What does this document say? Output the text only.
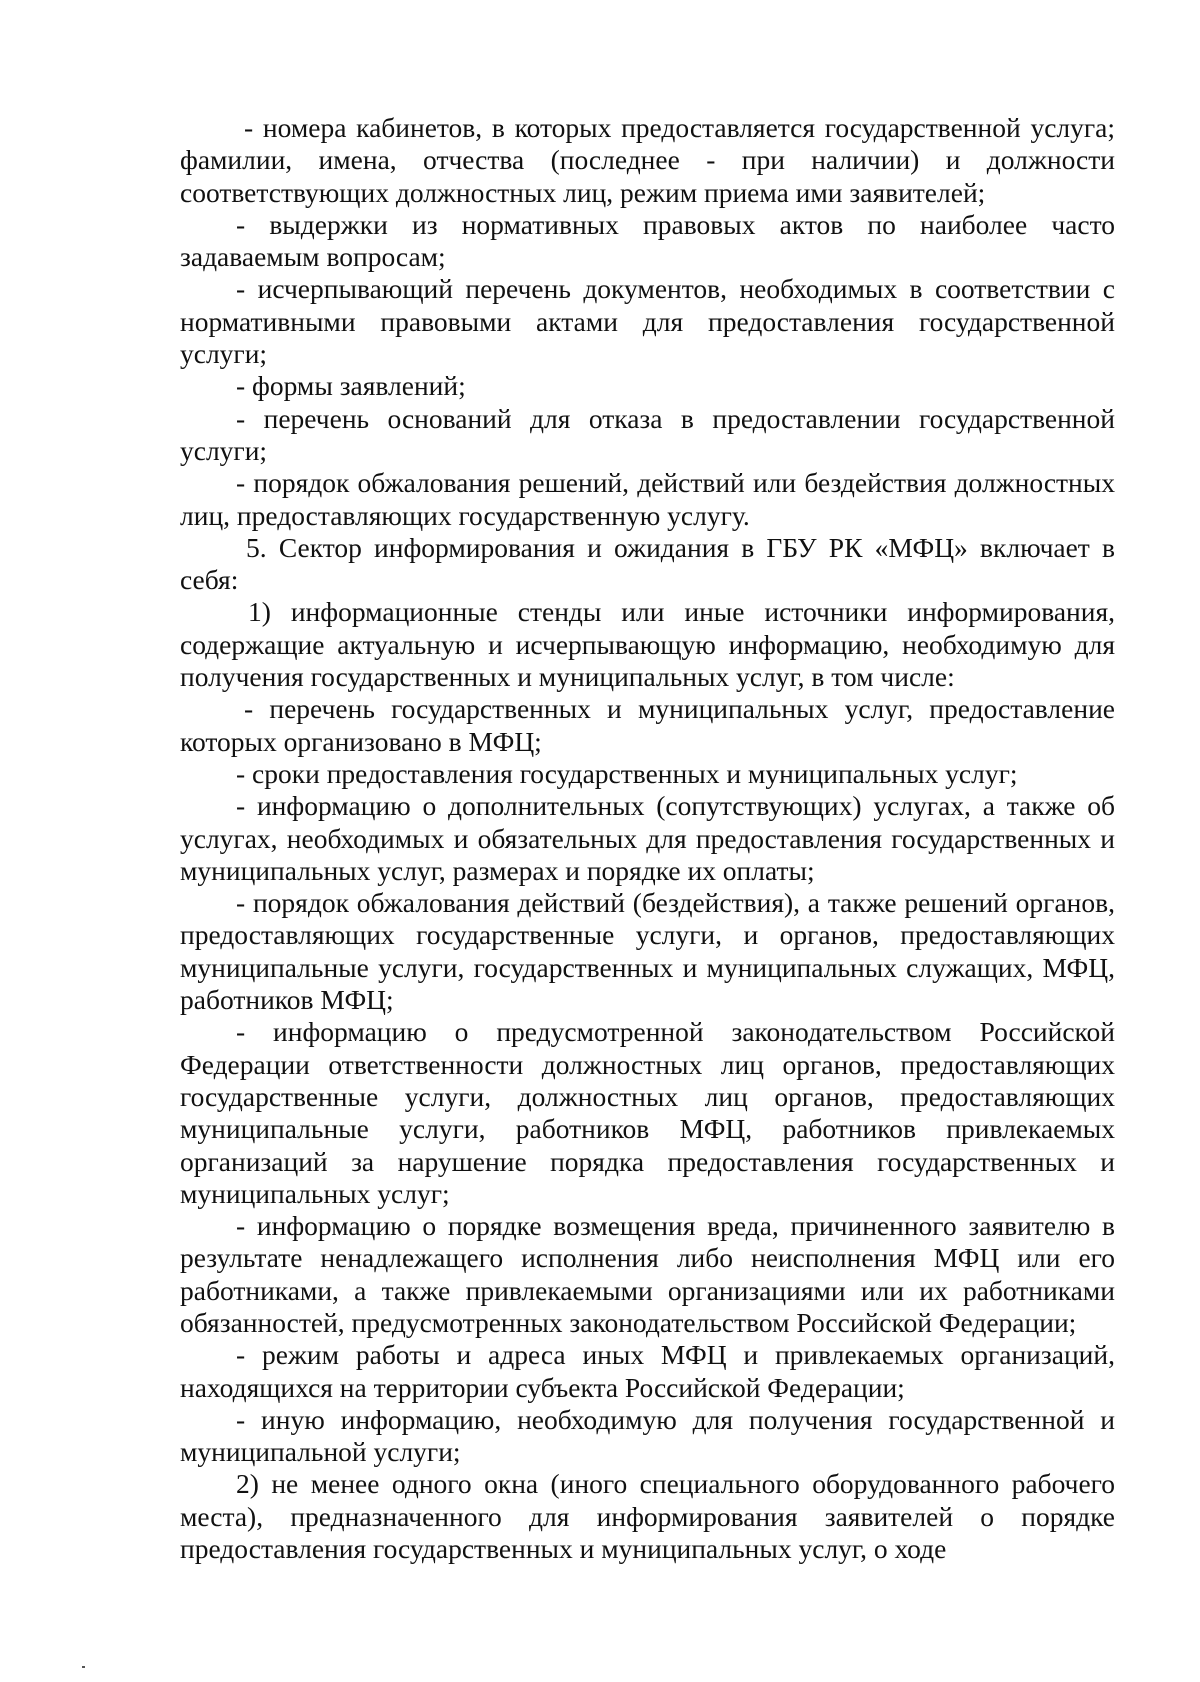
- номера кабинетов, в которых предоставляется государственной услуга; фамилии, имена, отчества (последнее - при наличии) и должности соответствующих должностных лиц, режим приема ими заявителей;

- выдержки из нормативных правовых актов по наиболее часто задаваемым вопросам;

- исчерпывающий перечень документов, необходимых в соответствии с нормативными правовыми актами для предоставления государственной услуги;

- формы заявлений;

- перечень оснований для отказа в предоставлении государственной услуги;

- порядок обжалования решений, действий или бездействия должностных лиц, предоставляющих государственную услугу.

5. Сектор информирования и ожидания в ГБУ РК «МФЦ» включает в себя:

1) информационные стенды или иные источники информирования, содержащие актуальную и исчерпывающую информацию, необходимую для получения государственных и муниципальных услуг, в том числе:

- перечень государственных и муниципальных услуг, предоставление которых организовано в МФЦ;

- сроки предоставления государственных и муниципальных услуг;

- информацию о дополнительных (сопутствующих) услугах, а также об услугах, необходимых и обязательных для предоставления государственных и муниципальных услуг, размерах и порядке их оплаты;

- порядок обжалования действий (бездействия), а также решений органов, предоставляющих государственные услуги, и органов, предоставляющих муниципальные услуги, государственных и муниципальных служащих, МФЦ, работников МФЦ;

- информацию о предусмотренной законодательством Российской Федерации ответственности должностных лиц органов, предоставляющих государственные услуги, должностных лиц органов, предоставляющих муниципальные услуги, работников МФЦ, работников привлекаемых организаций за нарушение порядка предоставления государственных и муниципальных услуг;

- информацию о порядке возмещения вреда, причиненного заявителю в результате ненадлежащего исполнения либо неисполнения МФЦ или его работниками, а также привлекаемыми организациями или их работниками обязанностей, предусмотренных законодательством Российской Федерации;

- режим работы и адреса иных МФЦ и привлекаемых организаций, находящихся на территории субъекта Российской Федерации;

- иную информацию, необходимую для получения государственной и муниципальной услуги;

2) не менее одного окна (иного специального оборудованного рабочего места), предназначенного для информирования заявителей о порядке предоставления государственных и муниципальных услуг, о ходе
